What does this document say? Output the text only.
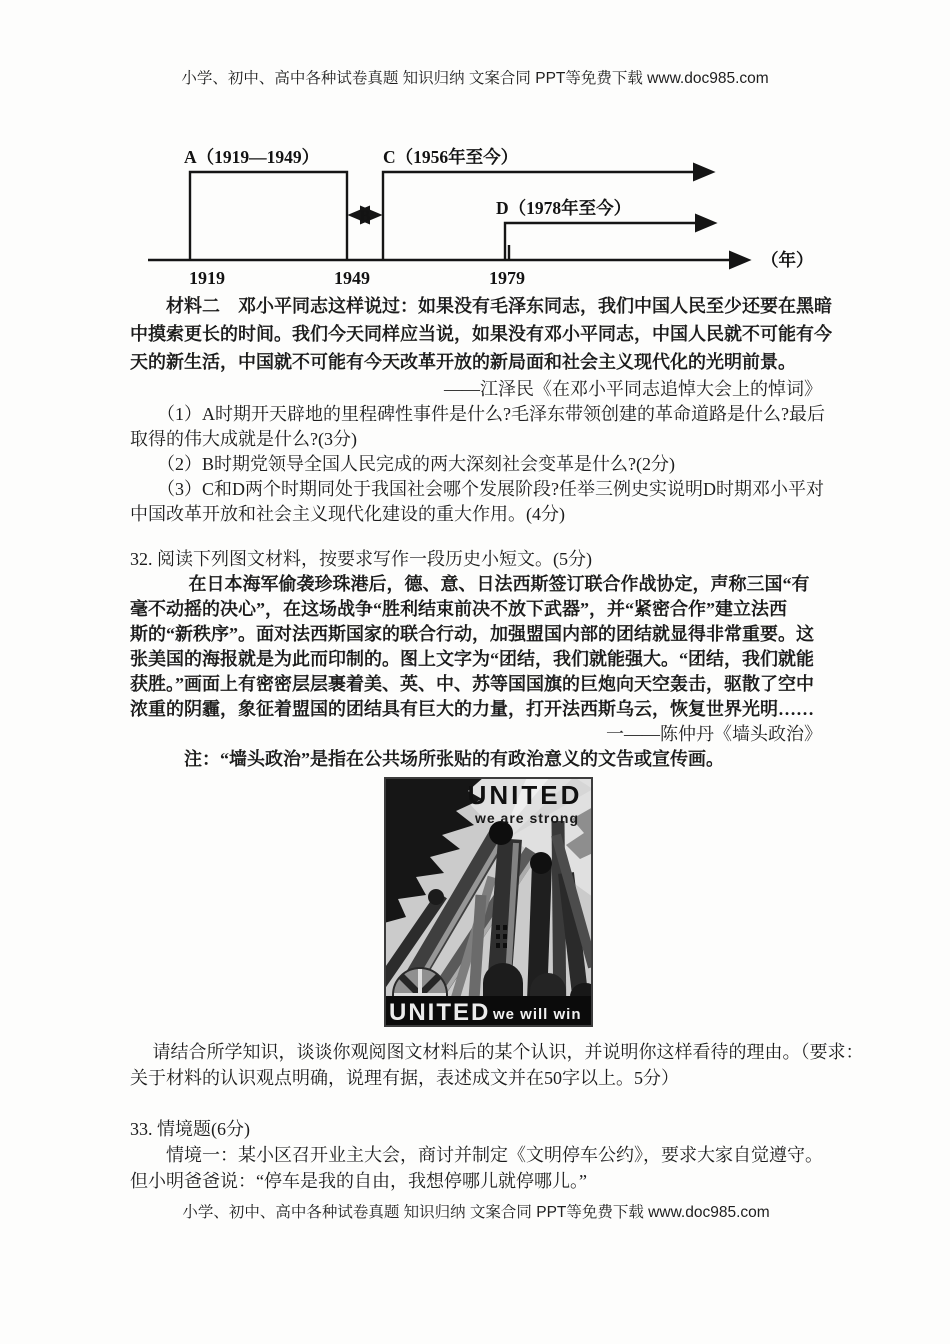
小学、初中、高中各种试卷真题 知识归纳 文案合同 PPT等免费下载 www.doc985.com
（年）
A（1919—1949）
B
C（1956年至今）
D（1978年至今）
1919	1949	1979
　　材料二　邓小平同志这样说过：如果没有毛泽东同志，我们中国人民至少还要在黑暗
中摸索更长的时间。我们今天同样应当说，如果没有邓小平同志，中国人民就不可能有今
天的新生活，中国就不可能有今天改革开放的新局面和社会主义现代化的光明前景。
——江泽民《在邓小平同志追悼大会上的悼词》
　　（1）A时期开天辟地的里程碑性事件是什么?毛泽东带领创建的革命道路是什么?最后
取得的伟大成就是什么?(3分)
　　（2）B时期党领导全国人民完成的两大深刻社会变革是什么?(2分)
　　（3）C和D两个时期同处于我国社会哪个发展阶段?任举三例史实说明D时期邓小平对
中国改革开放和社会主义现代化建设的重大作用。(4分)
32. 阅读下列图文材料，按要求写作一段历史小短文。(5分)
　　　 在日本海军偷袭珍珠港后，德、意、日法西斯签订联合作战协定，声称三国“有
毫不动摇的决心”，在这场战争“胜利结束前决不放下武器”，并“紧密合作”建立法西
斯的“新秩序”。面对法西斯国家的联合行动，加强盟国内部的团结就显得非常重要。这
张美国的海报就是为此而印制的。图上文字为“团结，我们就能强大。“团结，我们就能
获胜。”画面上有密密层层裹着美、英、中、苏等国国旗的巨炮向天空轰击，驱散了空中
浓重的阴霾，象征着盟国的团结具有巨大的力量，打开法西斯乌云，恢复世界光明……
一——陈仲丹《墙头政治》
　　　注：“墙头政治”是指在公共场所张贴的有政治意义的文告或宣传画。
UNITED we will win
UNITED
we are strong
　 请结合所学知识，谈谈你观阅图文材料后的某个认识，并说明你这样看待的理由。（要求：
关于材料的认识观点明确，说理有据，表述成文并在50字以上。5分）
33. 情境题(6分)
　　情境一：某小区召开业主大会，商讨并制定《文明停车公约》，要求大家自觉遵守。
但小明爸爸说：“停车是我的自由，我想停哪儿就停哪儿。”
小学、初中、高中各种试卷真题 知识归纳 文案合同 PPT等免费下载 www.doc985.com
